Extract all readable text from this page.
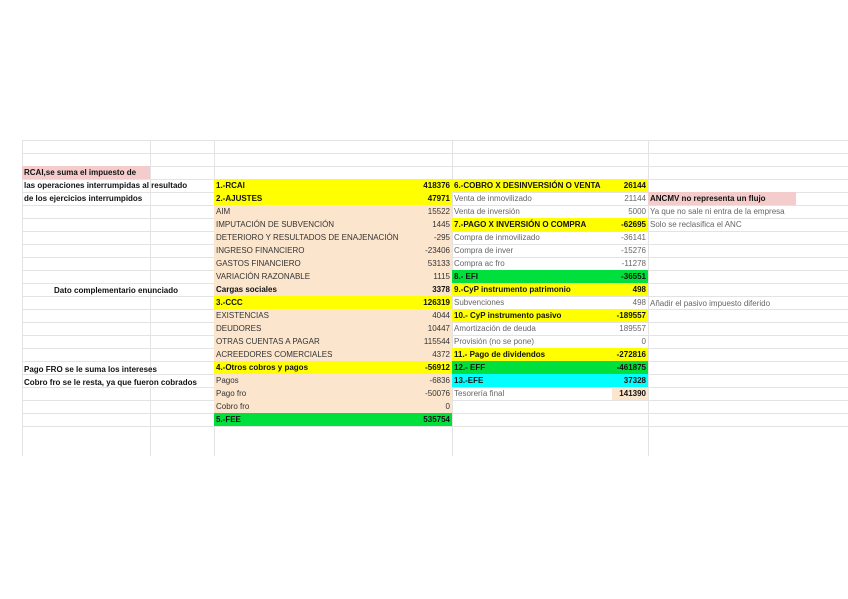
RCAI,se suma el impuesto de
las operaciones interrumpidas al resultado
de los ejercicios interrumpidos
Dato complementario enunciado
Pago FRO se le suma los intereses
Cobro fro se le resta, ya que fueron cobrados
1.-RCAI	418376
2.-AJUSTES	47971
AIM	15522
IMPUTACIÓN DE SUBVENCIÓN	1445
DETERIORO Y RESULTADOS DE ENAJENACIÓN	-295
INGRESO FINANCIERO	-23406
GASTOS FINANCIERO	53133
VARIACIÓN RAZONABLE	1115
Cargas sociales	3378
3.-CCC	126319
EXISTENCIAS	4044
DEUDORES	10447
OTRAS CUENTAS A PAGAR	115544
ACREEDORES COMERCIALES	4372
4.-Otros cobros y pagos	-56912
Pagos	-6836
Pago fro	-50076
Cobro fro	0
5.-FEE	535754
6.-COBRO X DESINVERSIÓN O VENTA	26144
Venta de inmovilizado	21144
Venta de inversión	5000
7.-PAGO X INVERSIÓN O COMPRA	-62695
Compra de inmovilizado	-36141
Compra de inver	-15276
Compra ac fro	-11278
8.- EFI	-36551
9.-CyP instrumento patrimonio	498
Subvenciones	498
10.- CyP instrumento pasivo	-189557
Amortización de deuda	189557
Provisión (no se pone)	0
11.- Pago de dividendos	-272816
12.- EFF	-461875
13.-EFE	37328
Tesorería final	141390
ANCMV no representa un flujo
Ya que no sale ni entra de la empresa
Solo se reclasifica el ANC
Añadir el pasivo impuesto diferido
